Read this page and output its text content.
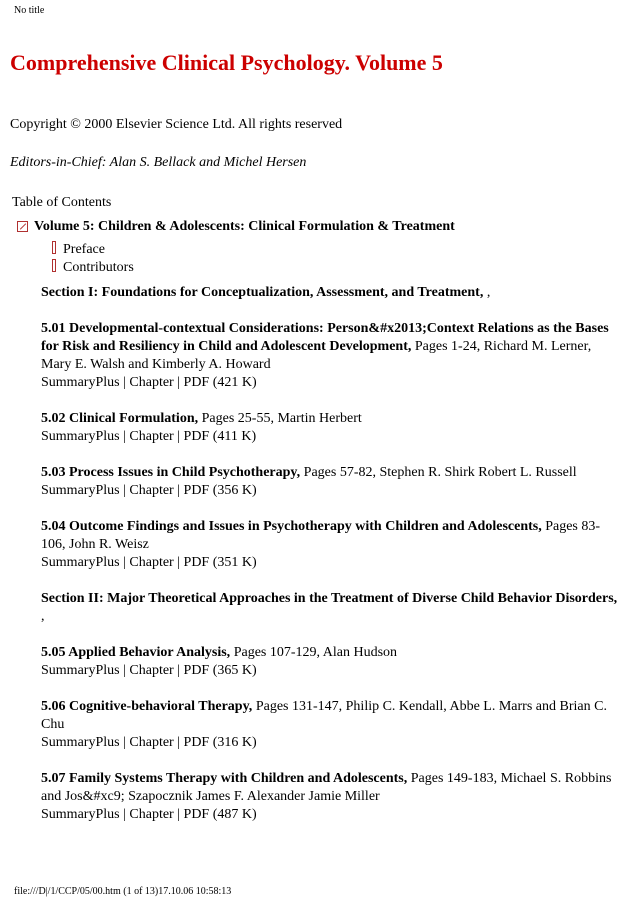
No title
Comprehensive Clinical Psychology. Volume 5
Copyright © 2000 Elsevier Science Ltd. All rights reserved
Editors-in-Chief: Alan S. Bellack and Michel Hersen
Table of Contents
Volume 5: Children & Adolescents: Clinical Formulation & Treatment
Preface
Contributors

Section I: Foundations for Conceptualization, Assessment, and Treatment, ,

5.01 Developmental-contextual Considerations: Person&#x2013;Context Relations as the Bases for Risk and Resiliency in Child and Adolescent Development, Pages 1-24, Richard M. Lerner, Mary E. Walsh and Kimberly A. Howard
SummaryPlus | Chapter | PDF (421 K)

5.02 Clinical Formulation, Pages 25-55, Martin Herbert
SummaryPlus | Chapter | PDF (411 K)

5.03 Process Issues in Child Psychotherapy, Pages 57-82, Stephen R. Shirk Robert L. Russell
SummaryPlus | Chapter | PDF (356 K)

5.04 Outcome Findings and Issues in Psychotherapy with Children and Adolescents, Pages 83-106, John R. Weisz
SummaryPlus | Chapter | PDF (351 K)

Section II: Major Theoretical Approaches in the Treatment of Diverse Child Behavior Disorders, ,

5.05 Applied Behavior Analysis, Pages 107-129, Alan Hudson
SummaryPlus | Chapter | PDF (365 K)

5.06 Cognitive-behavioral Therapy, Pages 131-147, Philip C. Kendall, Abbe L. Marrs and Brian C. Chu
SummaryPlus | Chapter | PDF (316 K)

5.07 Family Systems Therapy with Children and Adolescents, Pages 149-183, Michael S. Robbins and Jos&#xc9; Szapocznik James F. Alexander Jamie Miller
SummaryPlus | Chapter | PDF (487 K)

file:///D|/1/CCP/05/00.htm (1 of 13)17.10.06 10:58:13
